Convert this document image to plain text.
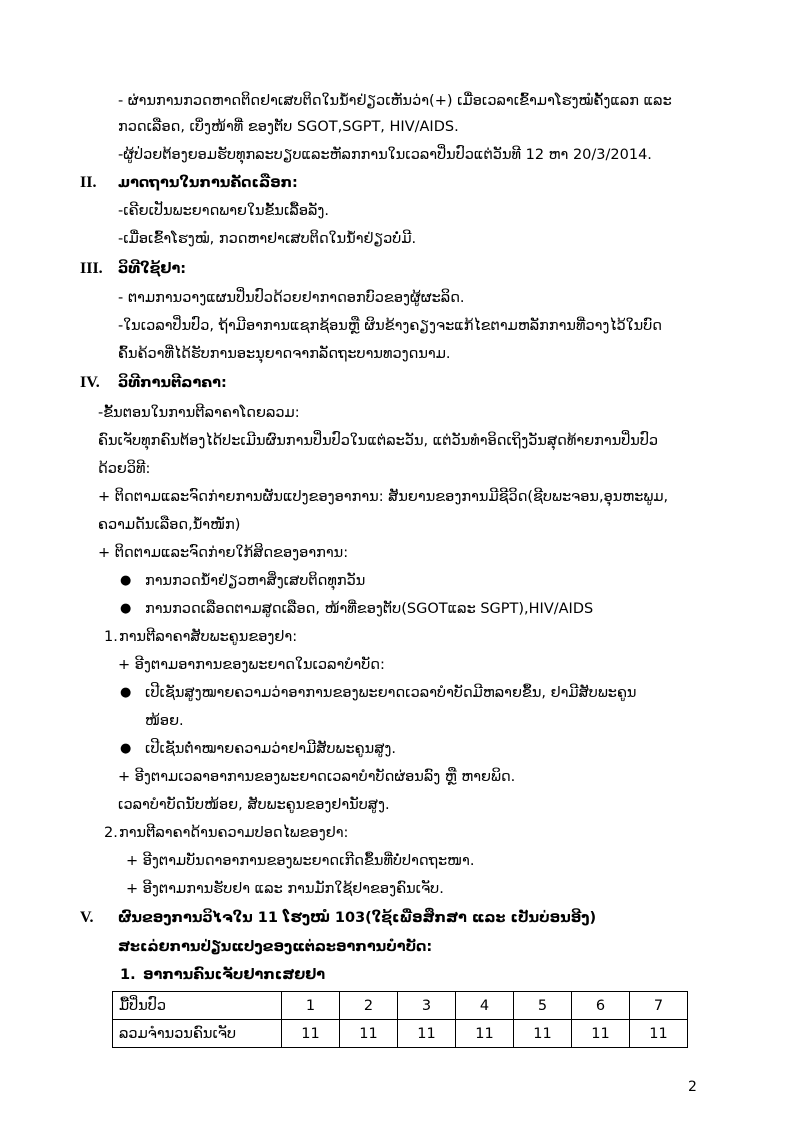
- ຜ່ານການກວດຫາດຕິດຢາເສບຕິດໃນນໍ້າຢ່ຽວເຫັນວ່າ(+) ເມື່ອເວລາເຂົ້າມາໂຮງໝໍຄັ້ງແລກ ແລະ
ກວດເລືອດ, ເບິ່ງໜ້າທີ່ ຂອງຕັບ SGOT,SGPT, HIV/AIDS.
-ຜູ້ປ່ວຍຕ້ອງຍອມຮັບທຸກລະບຽບແລະຫັລກການໃນເວລາປິ່ນປົວແຕ່ວັນທີ 12 ຫາ 20/3/2014.
II. ມາດຖານໃນການຄັດເລືອກ:
-ເຄີຍເປັນພະຍາດພາຍໃນຂັ້ນເລື້ອລັງ.
-ເມື່ອເຂົ້າໂຮງໝໍ, ກວດຫາຢາເສບຕິດໃນນໍ້າຢ່ຽວບໍ່ມີ.
III. ວິທີໃຊ້ຢາ:
- ຕາມການວາງແຜນປິ່ນປົວດ້ວຍຢາກາດອກບົວຂອງຜູ້ຜະລິດ.
-ໃນເວລາປິ່ນປົວ, ຖ້າມີອາການແຊກຊ້ອນຫຼື ຜິນຂ້າງຄຽງຈະແກ້ໄຂຕາມຫລັກການທີ່ວາງໄວ້ໃນບົດ
ຄົ້ນຄ້ວາທີ່ໄດ້ຮັບການອະນຸຍາດຈາກລັດຖະບານທວງດນາມ.
IV. ວິທີການຕີລາຄາ:
-ຂັ້ນຕອນໃນການຕີລາຄາໂດຍລວມ:
ຄົນເຈັບທຸກຄົນຕ້ອງໄດ້ປະເມີນຜົນການປິ່ນປົວໃນແຕ່ລະວັນ, ແຕ່ວັນທຳອິດເຖິງວັນສຸດທ້າຍການປິ່ນປົວ
ດ້ວຍວິທີ:
+ ຕິດຕາມແລະຈົດກ່າຍການຜັນແປງຂອງອາການ: ສັນຍານຂອງການມີຊີວິດ(ຊີບພະຈອນ,ອຸນຫະພູມ,
ຄວາມດັນເລືອດ,ນໍ້າໜັກ)
+ ຕິດຕາມແລະຈົດກ່າຍໃກ້ສິດຂອງອາການ:
● ການກວດນໍ້າຢ່ຽວຫາສິ່ງເສບຕິດທຸກວັນ
● ການກວດເລືອດຕາມສູດເລືອດ, ໜ້າທີ່ຂອງຕັບ(SGOTແລະ SGPT),HIV/AIDS
1. ການຕີລາຄາສັບພະຄູນຂອງຢາ:
+ ອີງຕາມອາການຂອງພະຍາດໃນເວລາບໍາບັດ:
● ເປີເຊັນສູງໝາຍຄວາມວ່າອາການຂອງພະຍາດເວລາບໍາບັດມີຫລາຍຂຶ້ນ, ຢາມີສັບພະຄູນ
ໜ້ອຍ.
● ເປີເຊັນຕໍ່າໝາຍຄວາມວ່າຢາມີສັບພະຄູນສູງ.
+ ອີງຕາມເວລາອາການຂອງພະຍາດເວລາບໍາບັດຜ່ອນລົງ ຫຼື ຫາຍພິດ.
ເວລາບໍາບັດນັບໜ້ອຍ, ສັບພະຄູນຂອງຢານັບສູງ.
2. ການຕີລາຄາດ້ານຄວາມປອດໄພຂອງຢາ:
+ ອີງຕາມບັນດາອາການຂອງພະຍາດເກີດຂຶ້ນທີ່ບໍ່ປາດຖະໜາ.
+ ອີງຕາມການຮັບຢາ ແລະ ການມັກໃຊ້ຢາຂອງຄົນເຈັບ.
V. ຜົນຂອງການວິໄຈໃນ 11 ໂຮງໝໍ 103(ໃຊ້ເພື່ອສຶກສາ ແລະ ເປັນບ່ອນອີງ)
ສະເລ່ຍການປ່ຽນແປງຂອງແຕ່ລະອາການບໍາບັດ:
1. ອາການຄົນເຈັບຢາກເສຍຢາ
ມື້ປິ່ນປົວ	1	2	3	4	5	6	7
ລວມຈໍານວນຄົນເຈັບ	11	11	11	11	11	11	11
2
